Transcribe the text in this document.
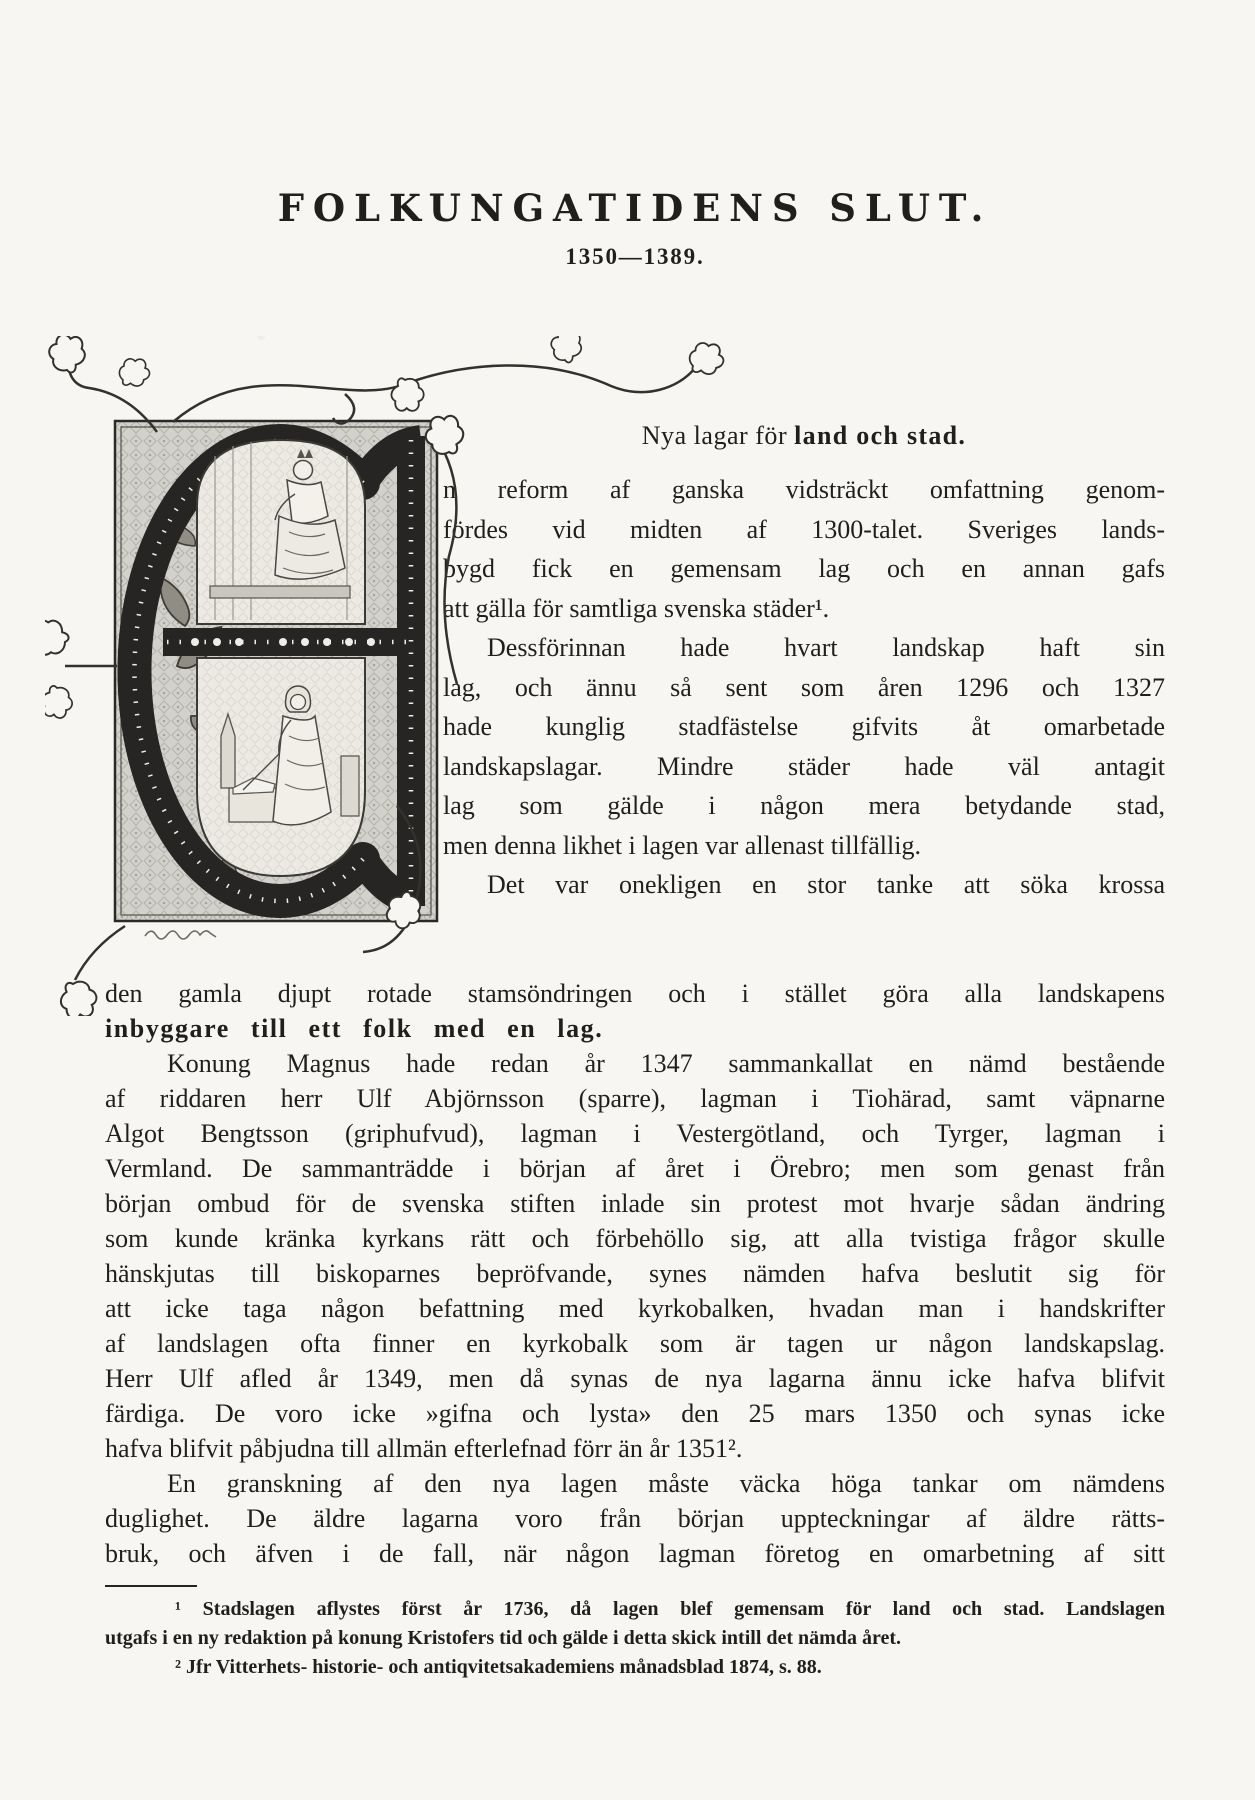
FOLKUNGATIDENS SLUT.
1350—1389.
Nya lagar för land och stad.
n reform af ganska vidsträckt omfattning genom-
fördes vid midten af 1300-talet. Sveriges lands-
bygd fick en gemensam lag och en annan gafs
att gälla för samtliga svenska städer¹.
Dessförinnan hade hvart landskap haft sin
lag, och ännu så sent som åren 1296 och 1327
hade kunglig stadfästelse gifvits åt omarbetade
landskapslagar. Mindre städer hade väl antagit
lag som gälde i någon mera betydande stad,
men denna likhet i lagen var allenast tillfällig.
Det var onekligen en stor tanke att söka krossa
den gamla djupt rotade stamsöndringen och i stället göra alla landskapens
inbyggare till ett folk med en lag.
Konung Magnus hade redan år 1347 sammankallat en nämd bestående
af riddaren herr Ulf Abjörnsson (sparre), lagman i Tiohärad, samt väpnarne
Algot Bengtsson (griphufvud), lagman i Vestergötland, och Tyrger, lagman i
Vermland. De sammanträdde i början af året i Örebro; men som genast från
början ombud för de svenska stiften inlade sin protest mot hvarje sådan ändring
som kunde kränka kyrkans rätt och förbehöllo sig, att alla tvistiga frågor skulle
hänskjutas till biskoparnes bepröfvande, synes nämden hafva beslutit sig för
att icke taga någon befattning med kyrkobalken, hvadan man i handskrifter
af landslagen ofta finner en kyrkobalk som är tagen ur någon landskapslag.
Herr Ulf afled år 1349, men då synas de nya lagarna ännu icke hafva blifvit
färdiga. De voro icke »gifna och lysta» den 25 mars 1350 och synas icke
hafva blifvit påbjudna till allmän efterlefnad förr än år 1351².
En granskning af den nya lagen måste väcka höga tankar om nämdens
duglighet. De äldre lagarna voro från början uppteckningar af äldre rätts-
bruk, och äfven i de fall, när någon lagman företog en omarbetning af sitt
¹ Stadslagen aflystes först år 1736, då lagen blef gemensam för land och stad. Landslagen
utgafs i en ny redaktion på konung Kristofers tid och gälde i detta skick intill det nämda året.
² Jfr Vitterhets- historie- och antiqvitetsakademiens månadsblad 1874, s. 88.
